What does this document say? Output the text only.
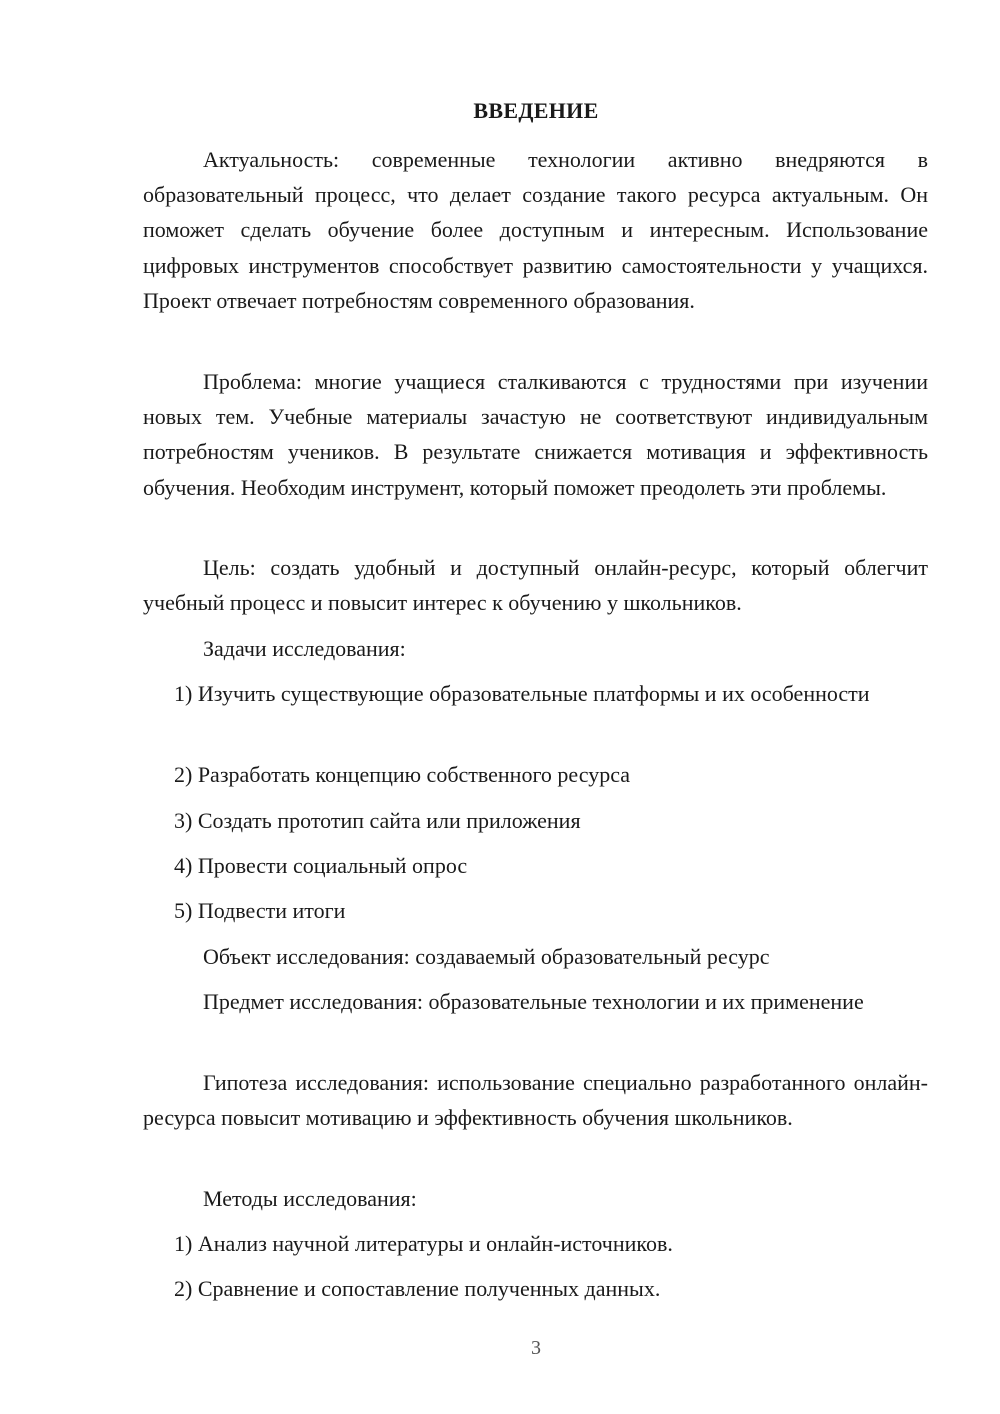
ВВЕДЕНИЕ

Актуальность: современные технологии активно внедряются в образовательный процесс, что делает создание такого ресурса актуальным. Он поможет сделать обучение более доступным и интересным. Использование цифровых инструментов способствует развитию самостоятельности у учащихся. Проект отвечает потребностям современного образования.

Проблема: многие учащиеся сталкиваются с трудностями при изучении новых тем. Учебные материалы зачастую не соответствуют индивидуальным потребностям учеников. В результате снижается мотивация и эффективность обучения. Необходим инструмент, который поможет преодолеть эти проблемы.

Цель: создать удобный и доступный онлайн-ресурс, который облегчит учебный процесс и повысит интерес к обучению у школьников.

Задачи исследования:

1) Изучить существующие образовательные платформы и их особенности

2) Разработать концепцию собственного ресурса

3) Создать прототип сайта или приложения

4) Провести социальный опрос

5) Подвести итоги

Объект исследования: создаваемый образовательный ресурс

Предмет исследования: образовательные технологии и их применение

Гипотеза исследования: использование специально разработанного онлайн-ресурса повысит мотивацию и эффективность обучения школьников.

Методы исследования:

1) Анализ научной литературы и онлайн-источников.

2) Сравнение и сопоставление полученных данных.

3
